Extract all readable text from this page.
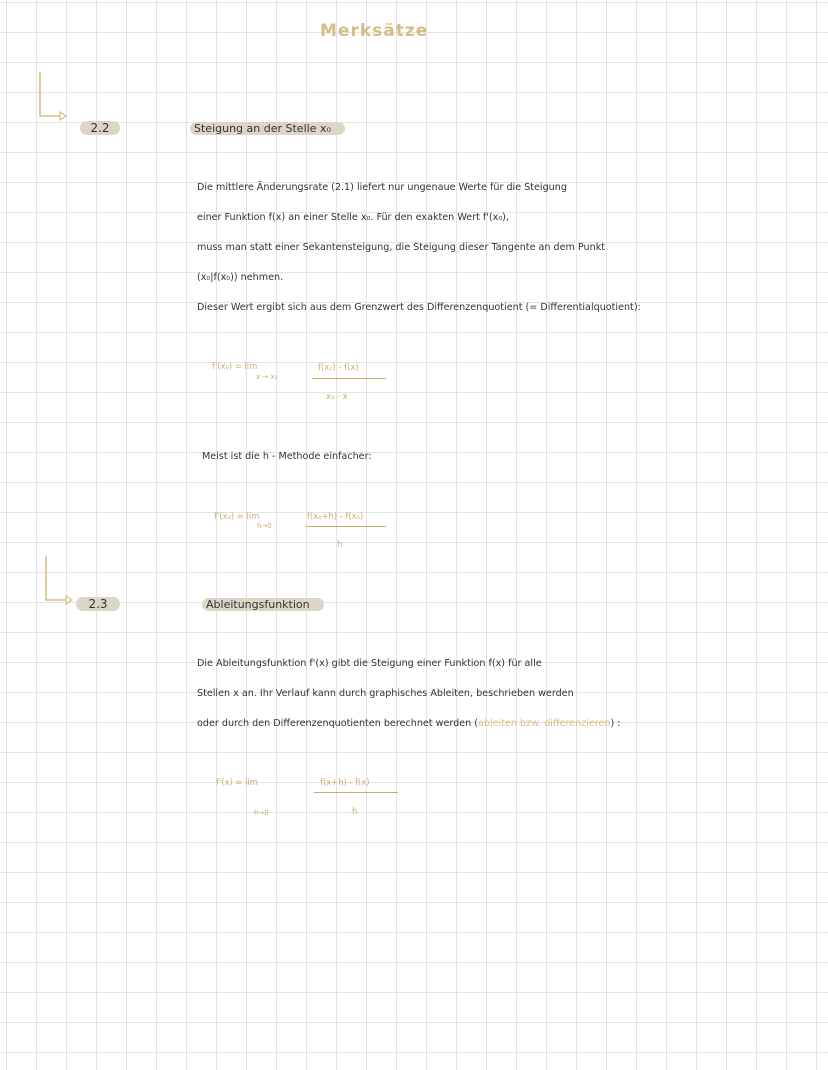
Merksätze
2.2	Steigung an der Stelle x₀
Die mittlere Änderungsrate (2.1) liefert nur ungenaue Werte für die Steigung
einer Funktion f(x) an einer Stelle x₀. Für den exakten Wert f'(x₀),
muss man statt einer Sekantensteigung, die Steigung dieser Tangente an dem Punkt
(x₀|f(x₀)) nehmen.
Dieser Wert ergibt sich aus dem Grenzwert des Differenzenquotient (= Differentialquotient):
f'(x₀) = lim
x → x₀
f(x₀) - f(x)
x₀ - x
Meist ist die h - Methode einfacher:
f'(x₀) = lim
h→0
f(x₀+h) - f(x₀)
h
2.3	Ableitungsfunktion
Die Ableitungsfunktion f'(x) gibt die Steigung einer Funktion f(x) für alle
Stellen x an. Ihr Verlauf kann durch graphisches Ableiten, beschrieben werden
oder durch den Differenzenquotienten berechnet werden (ableiten bzw. differenzieren) :
f'(x) = lim
h→0
f(x+h) - f(x)
h
